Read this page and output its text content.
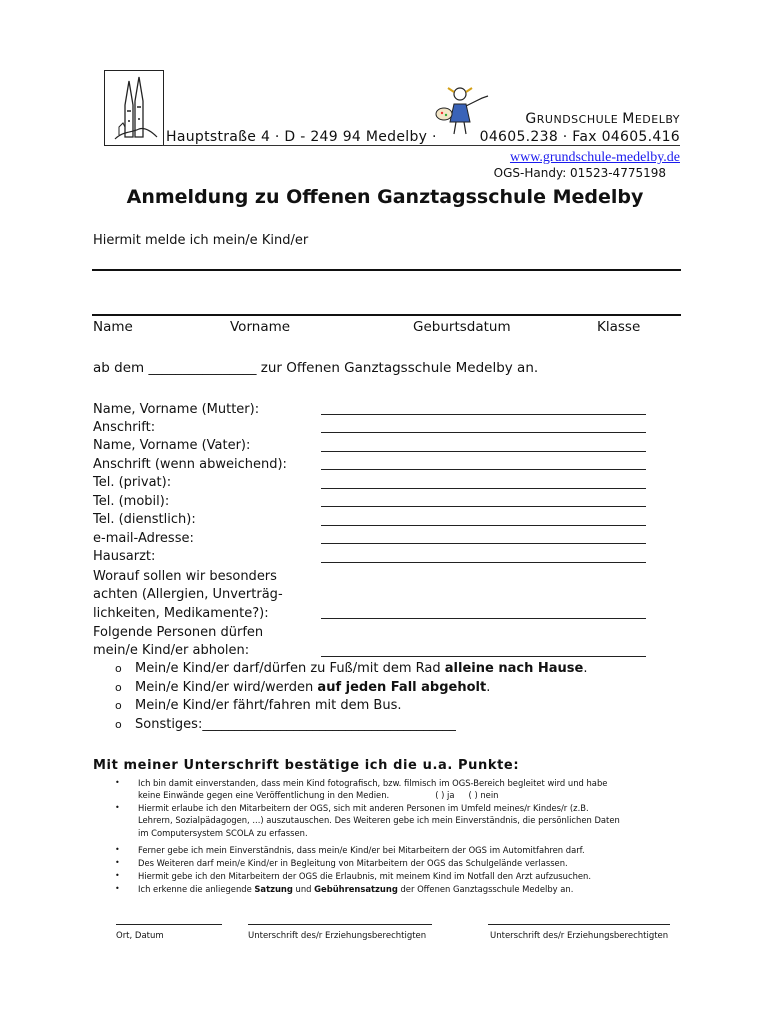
GRUNDSCHULE MEDELBY
Hauptstraße 4 · D - 249 94 Medelby ·	04605.238 · Fax 04605.416
www.grundschule-medelby.de
OGS-Handy: 01523-4775198
Anmeldung zu Offenen Ganztagsschule Medelby
Hiermit melde ich mein/e Kind/er
Name	Vorname	Geburtsdatum	Klasse
ab dem ________________ zur Offenen Ganztagsschule Medelby an.
Name, Vorname (Mutter):
Anschrift:
Name, Vorname (Vater):
Anschrift (wenn abweichend):
Tel. (privat):
Tel. (mobil):
Tel. (dienstlich):
e-mail-Adresse:
Hausarzt:
Worauf sollen wir besonders
achten (Allergien, Unverträg-
lichkeiten, Medikamente?):
Folgende Personen dürfen
mein/e Kind/er abholen:
o Mein/e Kind/er darf/dürfen zu Fuß/mit dem Rad alleine nach Hause.
o Mein/e Kind/er wird/werden auf jeden Fall abgeholt.
o Mein/e Kind/er fährt/fahren mit dem Bus.
o Sonstiges:_______________________________________
Mit meiner Unterschrift bestätige ich die u.a. Punkte:
• Ich bin damit einverstanden, dass mein Kind fotografisch, bzw. filmisch im OGS-Bereich begleitet wird und habe
keine Einwände gegen eine Veröffentlichung in den Medien.	( ) ja ( ) nein
• Hiermit erlaube ich den Mitarbeitern der OGS, sich mit anderen Personen im Umfeld meines/r Kindes/r (z.B.
Lehrern, Sozialpädagogen, ...) auszutauschen. Des Weiteren gebe ich mein Einverständnis, die persönlichen Daten
im Computersystem SCOLA zu erfassen.
• Ferner gebe ich mein Einverständnis, dass mein/e Kind/er bei Mitarbeitern der OGS im Automitfahren darf.
• Des Weiteren darf mein/e Kind/er in Begleitung von Mitarbeitern der OGS das Schulgelände verlassen.
• Hiermit gebe ich den Mitarbeitern der OGS die Erlaubnis, mit meinem Kind im Notfall den Arzt aufzusuchen.
• Ich erkenne die anliegende Satzung und Gebührensatzung der Offenen Ganztagsschule Medelby an.
Ort, Datum	Unterschrift des/r Erziehungsberechtigten	Unterschrift des/r Erziehungsberechtigten
